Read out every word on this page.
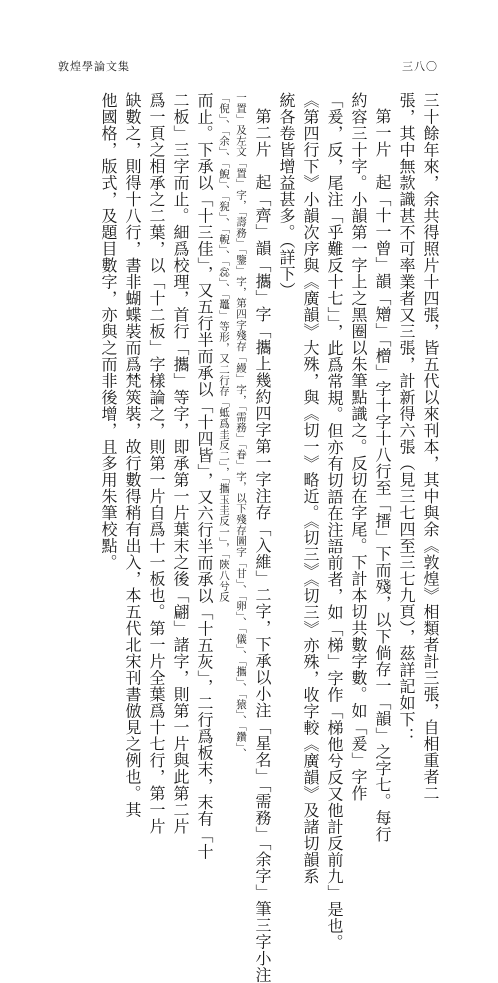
敦煌學論文集	三八〇
三十餘年來，余共得照片十四張，皆五代以來刊本，其中與余《敦煌》相類者計三張，自相重者二
張，其中無款識甚不可率業者又三張，計新得六張（見三七四至三七九頁），茲詳記如下：
第一片　起「十一曾」韻「矰」「橧」字十字十八行至「搢」下而殘，以下倘存一「韻」之字七。每行
約容三十字。小韻第一字上之黑圈以朱筆點識之。反切在字尾。下計本切共數字數。如「爰」字作
「爰，反，尾注「乎難反十七」」，此爲常規。但亦有切語在注語前者，如「梯」字作「梯他兮反又他計反前九」是也。
《第四行下》小韻次序與《廣韻》大殊，與《切一》略近。《切三》《切三》亦殊，收字較《廣韻》及諸切韻系
統各卷皆增益甚多。（詳下）
第二片　起「齊」韻「攜」字「攜上幾約四字第一字注存「入維」二字，下承以小注「星名」「需務」「余字」筆三字小注
一置」及左文「置」字，「壽務」「鑒」字，第四字殘存「縵」字，「需務」「眷」字，以下殘存圖字「甘」、「卵」、「儀」、「攜」、「猿」、「鑽」、
「倪」、「余」、「鯢」、「猊」、「輗」、「惢」、「鼉」等形，又二行存「蚳爲圭反二」，「攜玉圭反一」，「陝八兮反
而止。下承以「十三佳」，又五行半而承以「十四皆」，又六行半而承以「十五灰」，二行爲板末，末有「十
二板」三字而止。細爲校理，首行「攜」等字，即承第一片葉末之後「翩」諸字，則第一片與此第二片
爲一頁之相承之二葉，以「十二板」字樣論之，則第一片自爲十一板也。第一片全葉爲十七行，第一片
缺數之，則得十八行，書非蝴蝶裝而爲梵筴裝，故行數得稍有出入，本五代北宋刊書倣見之例也。其
他國格，版式，及題目數字，亦與之而非後增，且多用朱筆校點。
